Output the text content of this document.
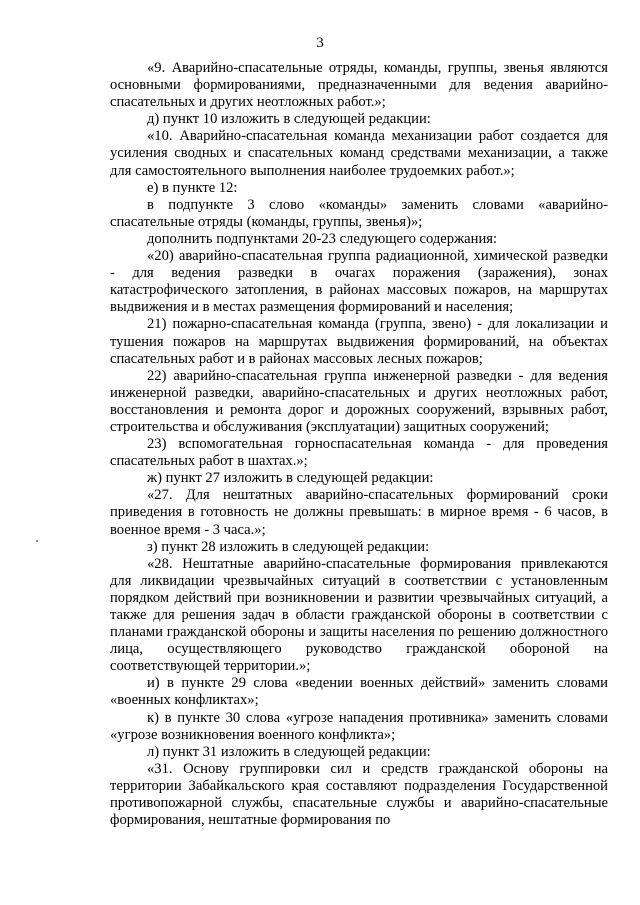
3

«9. Аварийно-спасательные отряды, команды, группы, звенья являются основными формированиями, предназначенными для ведения аварийно-спасательных и других неотложных работ.»;

д) пункт 10 изложить в следующей редакции:

«10. Аварийно-спасательная команда механизации работ создается для усиления сводных и спасательных команд средствами механизации, а также для самостоятельного выполнения наиболее трудоемких работ.»;

е) в пункте 12:

в подпункте 3 слово «команды» заменить словами «аварийно-спасательные отряды (команды, группы, звенья)»;

дополнить подпунктами 20-23 следующего содержания:

«20) аварийно-спасательная группа радиационной, химической разведки - для ведения разведки в очагах поражения (заражения), зонах катастрофического затопления, в районах массовых пожаров, на маршрутах выдвижения и в местах размещения формирований и населения;

21) пожарно-спасательная команда (группа, звено) - для локализации и тушения пожаров на маршрутах выдвижения формирований, на объектах спасательных работ и в районах массовых лесных пожаров;

22) аварийно-спасательная группа инженерной разведки - для ведения инженерной разведки, аварийно-спасательных и других неотложных работ, восстановления и ремонта дорог и дорожных сооружений, взрывных работ, строительства и обслуживания (эксплуатации) защитных сооружений;

23) вспомогательная горноспасательная команда - для проведения спасательных работ в шахтах.»;

ж) пункт 27 изложить в следующей редакции:

«27. Для нештатных аварийно-спасательных формирований сроки приведения в готовность не должны превышать: в мирное время - 6 часов, в военное время - 3 часа.»;

з) пункт 28 изложить в следующей редакции:

«28. Нештатные аварийно-спасательные формирования привлекаются для ликвидации чрезвычайных ситуаций в соответствии с установленным порядком действий при возникновении и развитии чрезвычайных ситуаций, а также для решения задач в области гражданской обороны в соответствии с планами гражданской обороны и защиты населения по решению должностного лица, осуществляющего руководство гражданской обороной на соответствующей территории.»;

и) в пункте 29 слова «ведении военных действий» заменить словами «военных конфликтах»;

к) в пункте 30 слова «угрозе нападения противника» заменить словами «угрозе возникновения военного конфликта»;

л) пункт 31 изложить в следующей редакции:

«31. Основу группировки сил и средств гражданской обороны на территории Забайкальского края составляют подразделения Государственной противопожарной службы, спасательные службы и аварийно-спасательные формирования, нештатные формирования по
